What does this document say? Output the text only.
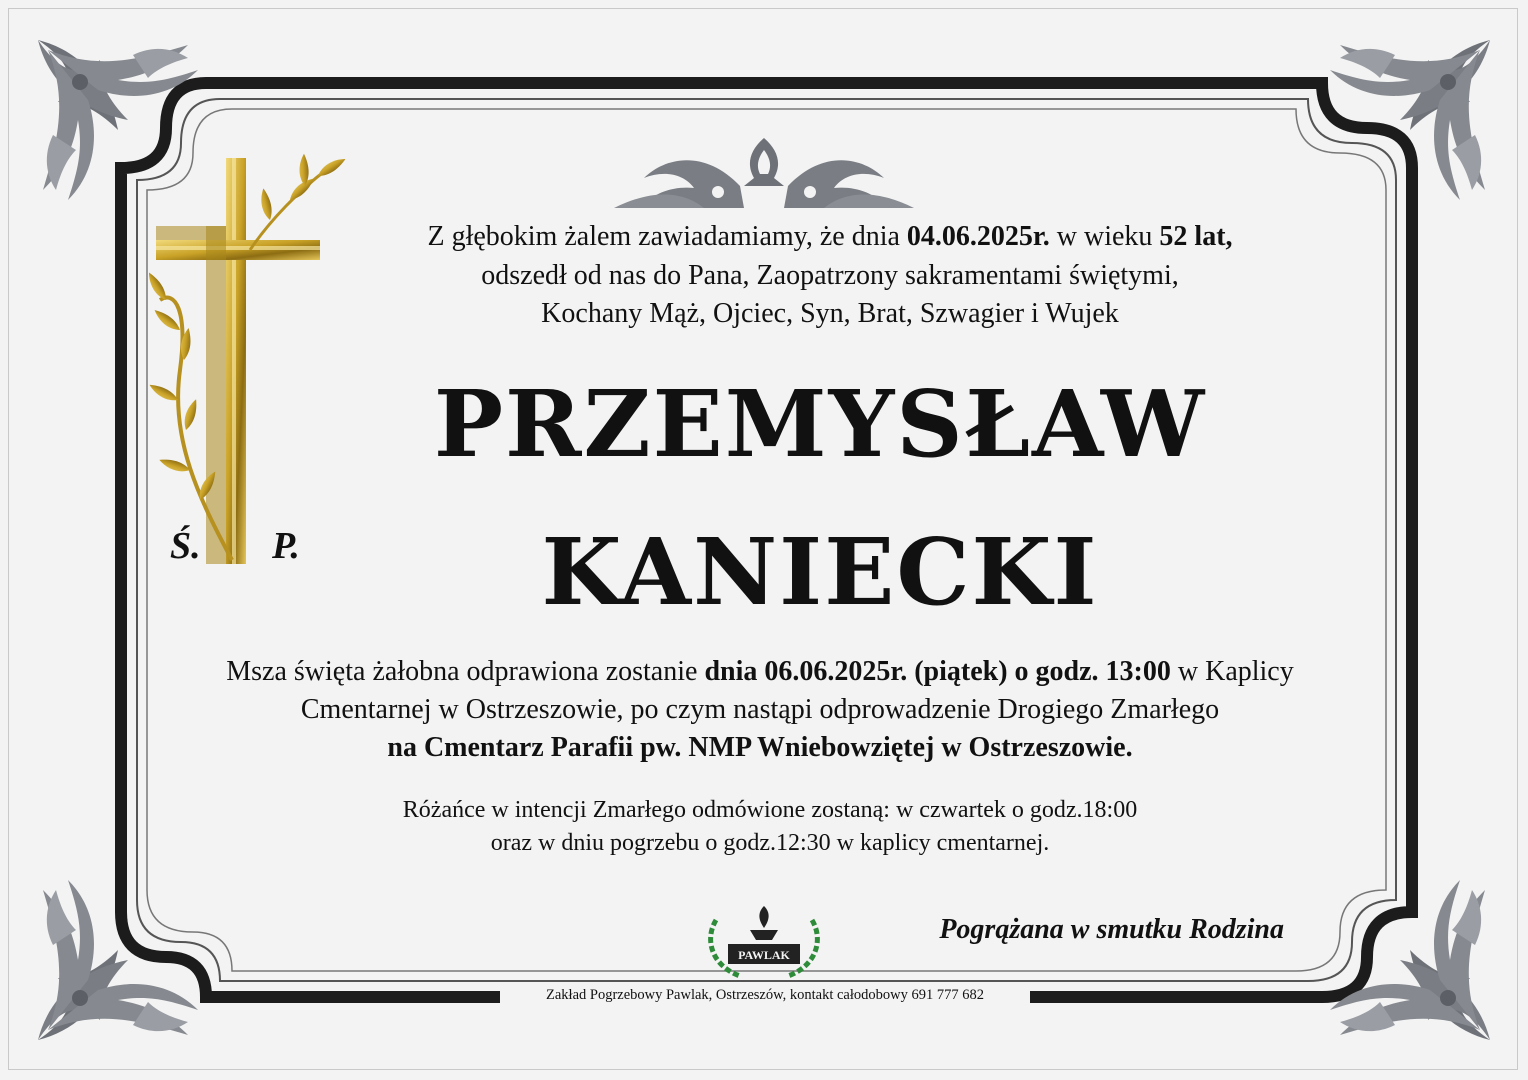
PAWLAK
Z głębokim żalem zawiadamiamy, że dnia 04.06.2025r. w wieku 52 lat,
odszedł od nas do Pana, Zaopatrzony sakramentami świętymi,
Kochany Mąż, Ojciec, Syn, Brat, Szwagier i Wujek
Ś. P.
PRZEMYSŁAW
KANIECKI
Msza święta żałobna odprawiona zostanie dnia 06.06.2025r. (piątek) o godz. 13:00 w Kaplicy
Cmentarnej w Ostrzeszowie, po czym nastąpi odprowadzenie Drogiego Zmarłego
na Cmentarz Parafii pw. NMP Wniebowziętej w Ostrzeszowie.
Różańce w intencji Zmarłego odmówione zostaną: w czwartek o godz.18:00
oraz w dniu pogrzebu o godz.12:30 w kaplicy cmentarnej.
Pogrążana w smutku Rodzina
Zakład Pogrzebowy Pawlak, Ostrzeszów, kontakt całodobowy 691 777 682
